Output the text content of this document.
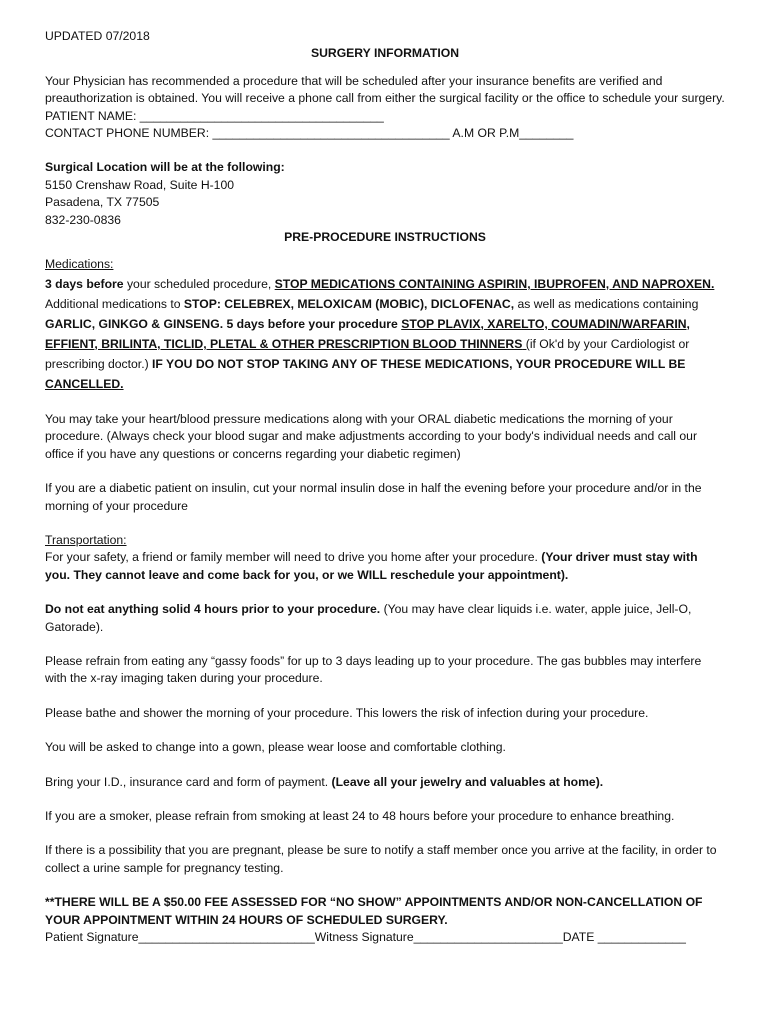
UPDATED 07/2018

SURGERY INFORMATION

Your Physician has recommended a procedure that will be scheduled after your insurance benefits are verified and preauthorization is obtained. You will receive a phone call from either the surgical facility or the office to schedule your surgery.

PATIENT NAME: ____________________________________

CONTACT PHONE NUMBER: ___________________________________ A.M OR P.M________

Surgical Location will be at the following:

5150 Crenshaw Road, Suite H-100

Pasadena, TX 77505

832-230-0836

PRE-PROCEDURE INSTRUCTIONS

Medications:

3 days before your scheduled procedure, STOP MEDICATIONS CONTAINING ASPIRIN, IBUPROFEN, AND NAPROXEN. Additional medications to STOP: CELEBREX, MELOXICAM (MOBIC), DICLOFENAC, as well as medications containing GARLIC, GINKGO & GINSENG. 5 days before your procedure STOP PLAVIX, XARELTO, COUMADIN/WARFARIN, EFFIENT, BRILINTA, TICLID, PLETAL & OTHER PRESCRIPTION BLOOD THINNERS (if Ok'd by your Cardiologist or prescribing doctor.) IF YOU DO NOT STOP TAKING ANY OF THESE MEDICATIONS, YOUR PROCEDURE WILL BE CANCELLED.

You may take your heart/blood pressure medications along with your ORAL diabetic medications the morning of your procedure. (Always check your blood sugar and make adjustments according to your body's individual needs and call our office if you have any questions or concerns regarding your diabetic regimen)

If you are a diabetic patient on insulin, cut your normal insulin dose in half the evening before your procedure and/or in the morning of your procedure

Transportation:

For your safety, a friend or family member will need to drive you home after your procedure. (Your driver must stay with you. They cannot leave and come back for you, or we WILL reschedule your appointment).

Do not eat anything solid 4 hours prior to your procedure. (You may have clear liquids i.e. water, apple juice, Jell-O, Gatorade).

Please refrain from eating any “gassy foods” for up to 3 days leading up to your procedure. The gas bubbles may interfere with the x-ray imaging taken during your procedure.

Please bathe and shower the morning of your procedure. This lowers the risk of infection during your procedure.

You will be asked to change into a gown, please wear loose and comfortable clothing.

Bring your I.D., insurance card and form of payment. (Leave all your jewelry and valuables at home).

If you are a smoker, please refrain from smoking at least 24 to 48 hours before your procedure to enhance breathing.

If there is a possibility that you are pregnant, please be sure to notify a staff member once you arrive at the facility, in order to collect a urine sample for pregnancy testing.

**THERE WILL BE A $50.00 FEE ASSESSED FOR “NO SHOW” APPOINTMENTS AND/OR NON-CANCELLATION OF YOUR APPOINTMENT WITHIN 24 HOURS OF SCHEDULED SURGERY.

Patient Signature__________________________Witness Signature______________________DATE _____________
